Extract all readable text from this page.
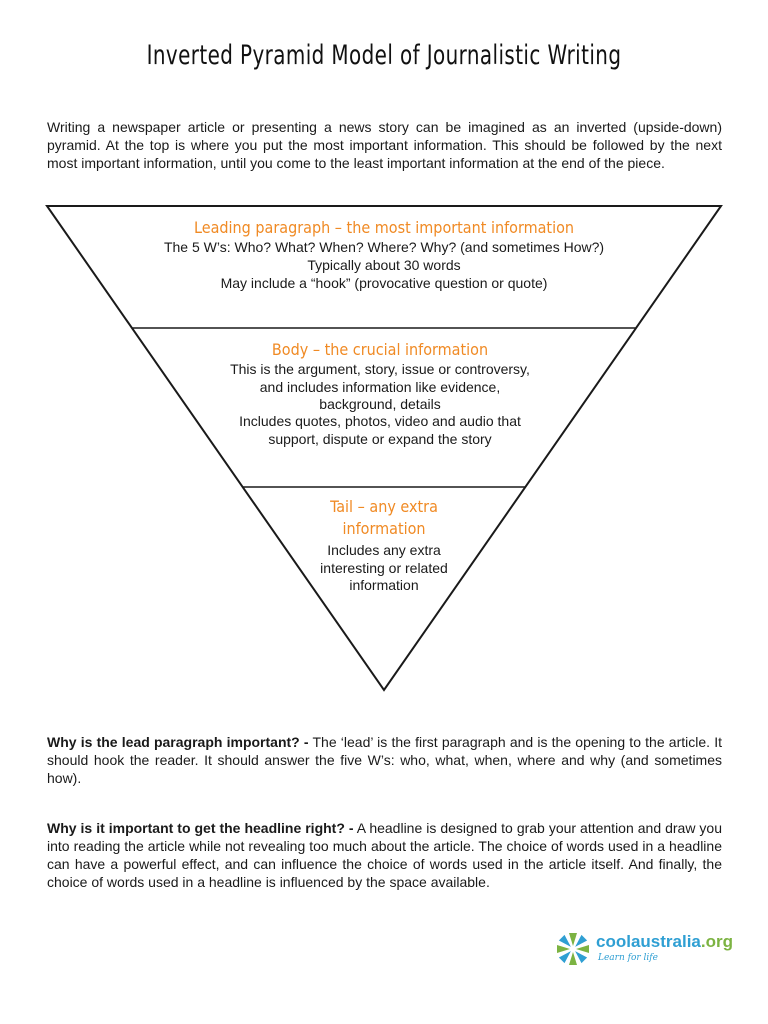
Inverted Pyramid Model of Journalistic Writing

Writing a newspaper article or presenting a news story can be imagined as an inverted (upside-down) pyramid. At the top is where you put the most important information. This should be followed by the next most important information, until you come to the least important information at the end of the piece.

Leading paragraph – the most important information
The 5 W’s: Who? What? When? Where? Why? (and sometimes How?)
Typically about 30 words
May include a “hook” (provocative question or quote)
Body – the crucial information
This is the argument, story, issue or controversy,
and includes information like evidence,
background, details
Includes quotes, photos, video and audio that
support, dispute or expand the story
Tail – any extra
information
Includes any extra
interesting or related
information

Why is the lead paragraph important? - The ‘lead’ is the first paragraph and is the opening to the article. It should hook the reader. It should answer the five W’s: who, what, when, where and why (and sometimes how).

Why is it important to get the headline right? - A headline is designed to grab your attention and draw you into reading the article while not revealing too much about the article. The choice of words used in a headline can have a powerful effect, and can influence the choice of words used in the article itself. And finally, the choice of words used in a headline is influenced by the space available.

coolaustralia.org
Learn for life
